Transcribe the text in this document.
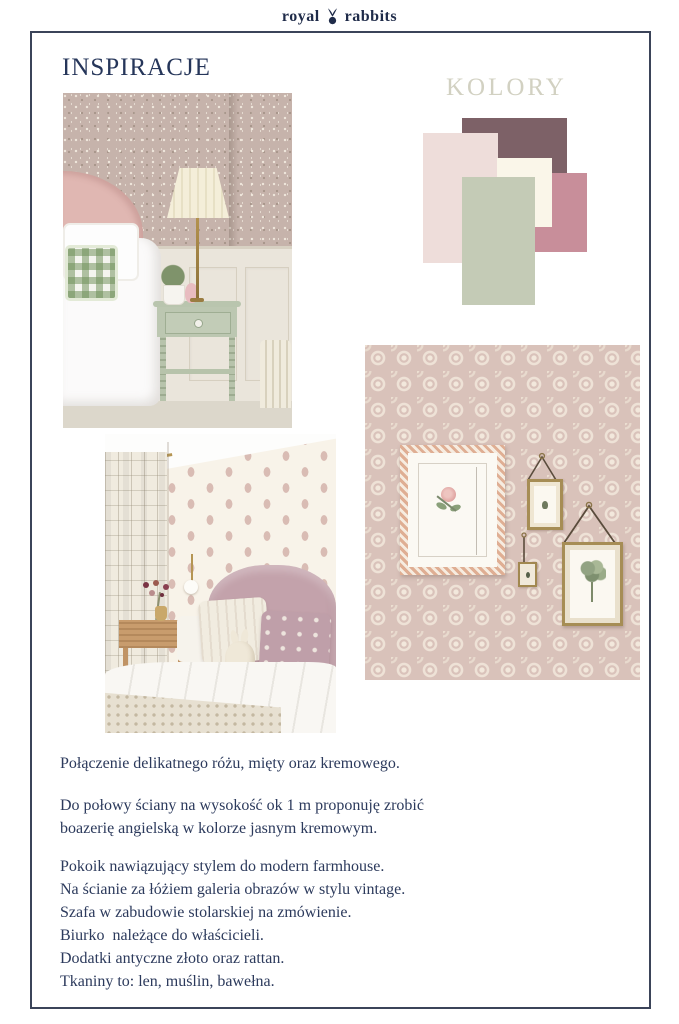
royal rabbits
INSPIRACJE
KOLORY
Połączenie delikatnego różu, mięty oraz kremowego.
Do połowy ściany na wysokość ok 1 m proponuję zrobić
boazerię angielską w kolorze jasnym kremowym.
Pokoik nawiązujący stylem do modern farmhouse.
Na ścianie za łóżiem galeria obrazów w stylu vintage.
Szafa w zabudowie stolarskiej na zmówienie.
Biurko  należące do właścicieli.
Dodatki antyczne złoto oraz rattan.
Tkaniny to: len, muślin, bawełna.
